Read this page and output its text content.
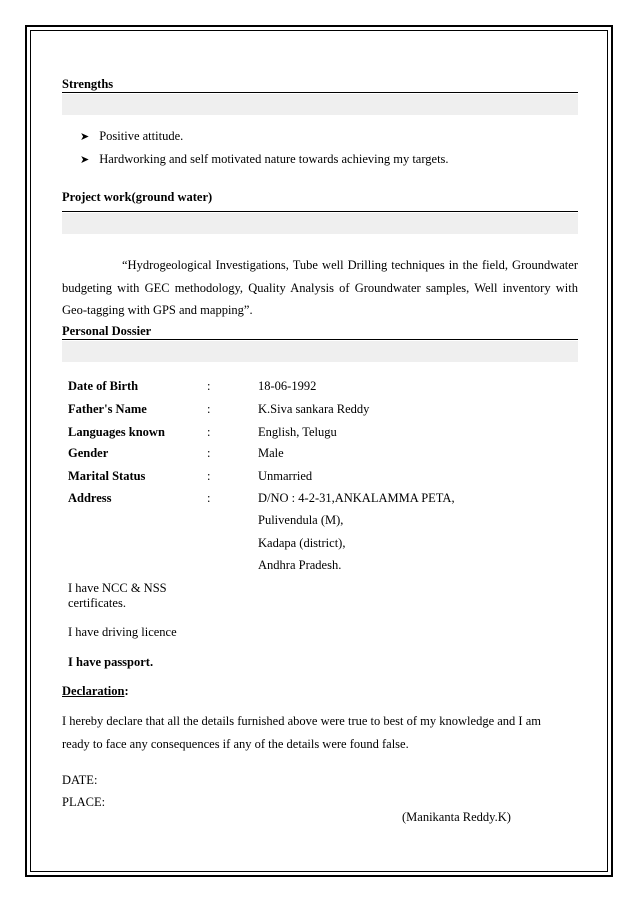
Strengths
➤ Positive attitude.
➤ Hardworking and self motivated nature towards achieving my targets.
Project work(ground water)
“Hydrogeological Investigations, Tube well Drilling techniques in the field, Groundwater budgeting with GEC methodology, Quality Analysis of Groundwater samples, Well inventory with Geo-tagging with GPS and mapping”.
Personal Dossier
Date of Birth	:	18-06-1992
Father's Name	:	K.Siva sankara Reddy
Languages known	:	English, Telugu
Gender	:	Male
Marital Status	:	Unmarried
Address	:	D/NO : 4-2-31,ANKALAMMA PETA,
Pulivendula (M),
Kadapa (district),
Andhra Pradesh.
I have NCC & NSS
certificates.
I have driving licence
I have passport.
Declaration:
I hereby declare that all the details furnished above were true to best of my knowledge and I am
ready to face any consequences if any of the details were found false.
DATE:
PLACE:
(Manikanta Reddy.K)
